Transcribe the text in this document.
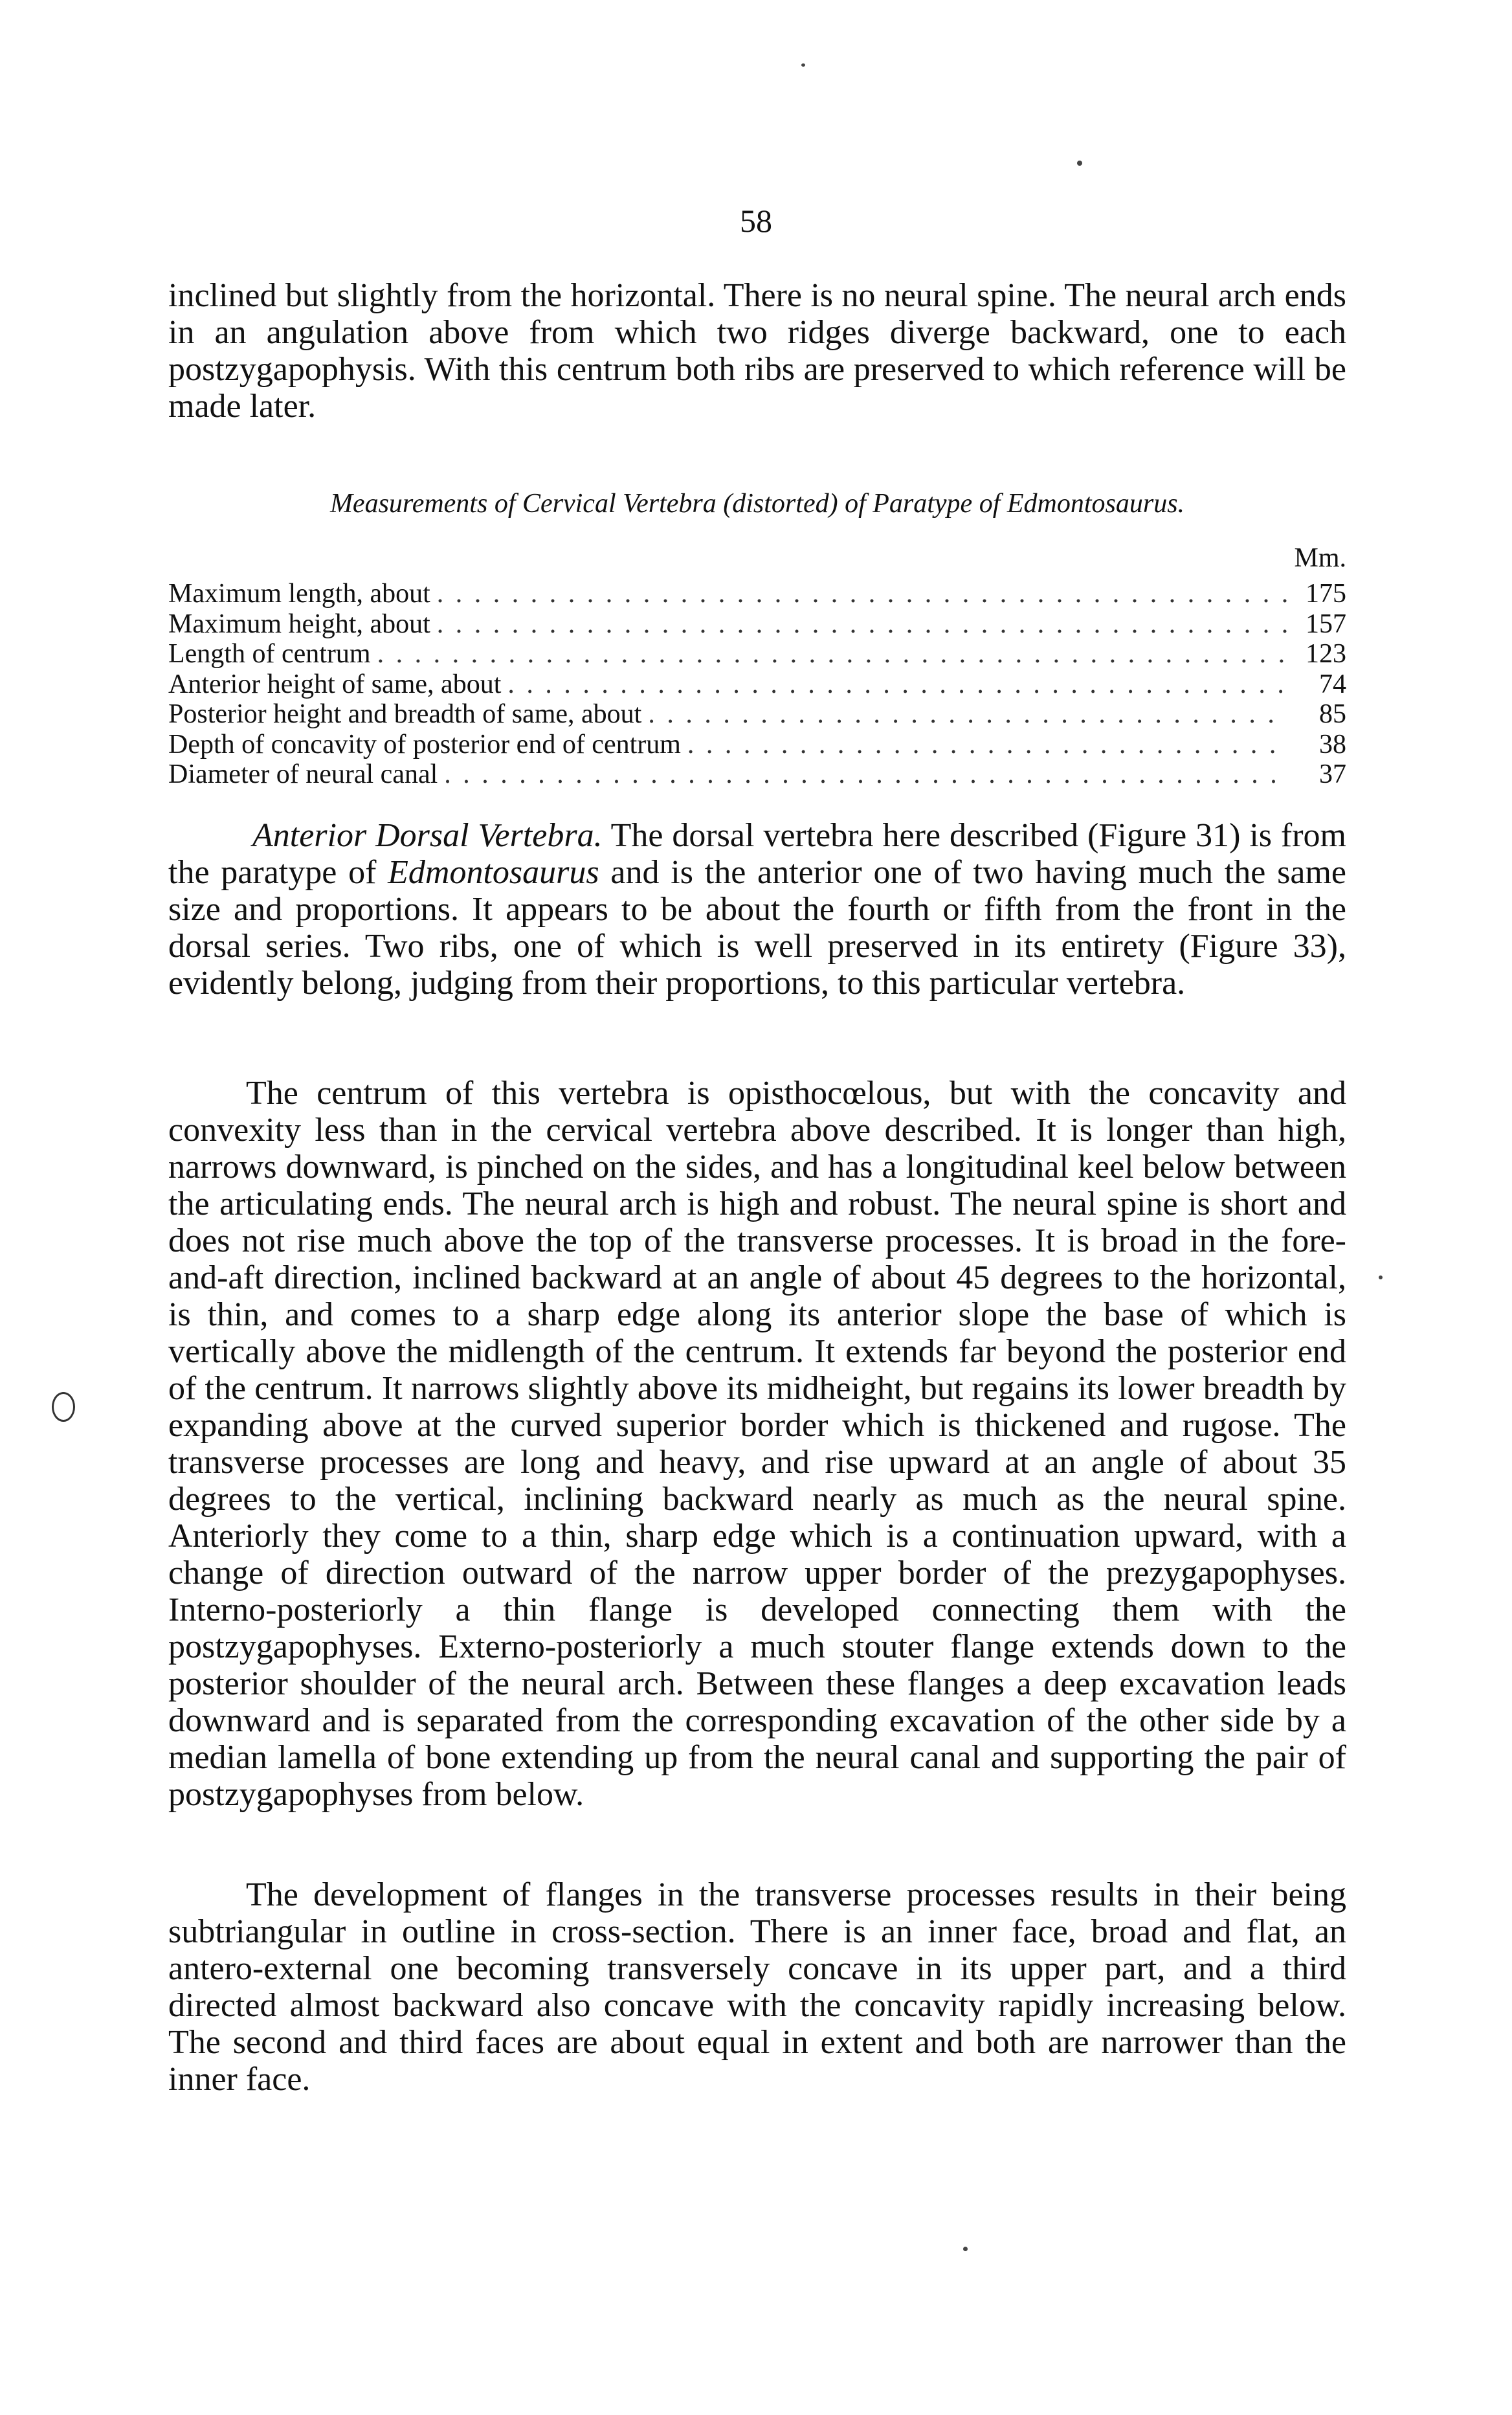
58

inclined but slightly from the horizontal. There is no neural spine. The neural arch ends in an angulation above from which two ridges diverge backward, one to each postzygapophysis. With this centrum both ribs are preserved to which reference will be made later.

Measurements of Cervical Vertebra (distorted) of Paratype of Edmontosaurus.
Mm.
Maximum length, about . . .	175
Maximum height, about . . .	157
Length of centrum . . .	123
Anterior height of same, about . . .	74
Posterior height and breadth of same, about . . .	85
Depth of concavity of posterior end of centrum . . .	38
Diameter of neural canal . . .	37

Anterior Dorsal Vertebra. The dorsal vertebra here described (Figure 31) is from the paratype of Edmontosaurus and is the anterior one of two having much the same size and proportions. It appears to be about the fourth or fifth from the front in the dorsal series. Two ribs, one of which is well preserved in its entirety (Figure 33), evidently belong, judging from their proportions, to this particular vertebra.

The centrum of this vertebra is opisthocœlous, but with the concavity and convexity less than in the cervical vertebra above described. It is longer than high, narrows downward, is pinched on the sides, and has a longitudinal keel below between the articulating ends. The neural arch is high and robust. The neural spine is short and does not rise much above the top of the transverse processes. It is broad in the fore-and-aft direction, inclined backward at an angle of about 45 degrees to the horizontal, is thin, and comes to a sharp edge along its anterior slope the base of which is vertically above the midlength of the centrum. It extends far beyond the posterior end of the centrum. It narrows slightly above its midheight, but regains its lower breadth by expanding above at the curved superior border which is thickened and rugose. The transverse processes are long and heavy, and rise upward at an angle of about 35 degrees to the vertical, inclining backward nearly as much as the neural spine. Anteriorly they come to a thin, sharp edge which is a continuation upward, with a change of direction outward of the narrow upper border of the prezygapophyses. Interno-posteriorly a thin flange is developed connecting them with the postzygapophyses. Externo-posteriorly a much stouter flange extends down to the posterior shoulder of the neural arch. Between these flanges a deep excavation leads downward and is separated from the corresponding excavation of the other side by a median lamella of bone extending up from the neural canal and supporting the pair of postzygapophyses from below.

The development of flanges in the transverse processes results in their being subtriangular in outline in cross-section. There is an inner face, broad and flat, an antero-external one becoming transversely concave in its upper part, and a third directed almost backward also concave with the concavity rapidly increasing below. The second and third faces are about equal in extent and both are narrower than the inner face.
